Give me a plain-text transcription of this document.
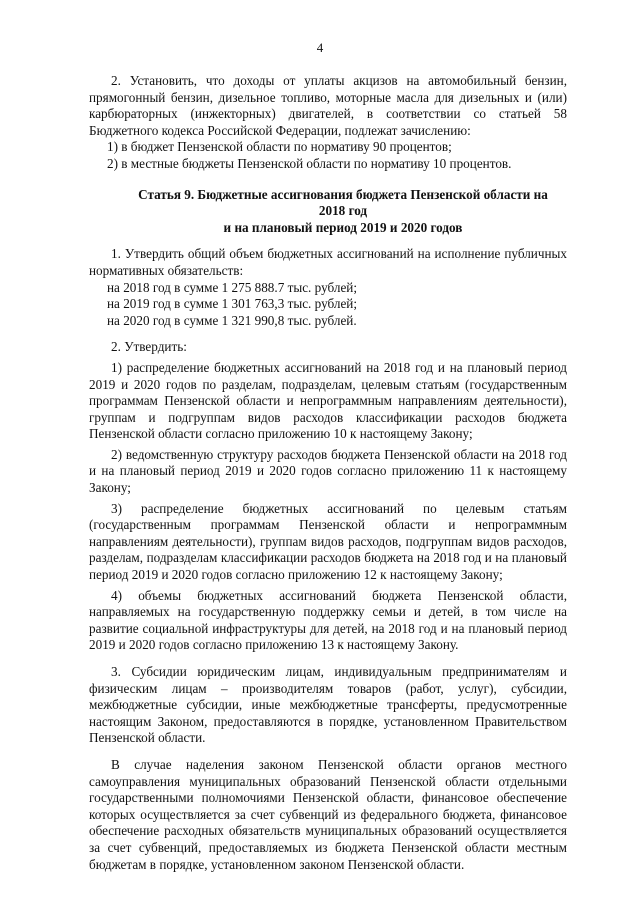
4

2. Установить, что доходы от уплаты акцизов на автомобильный бензин, прямогонный бензин, дизельное топливо, моторные масла для дизельных и (или) карбюраторных (инжекторных) двигателей, в соответствии со статьей 58 Бюджетного кодекса Российской Федерации, подлежат зачислению:

1) в бюджет Пензенской области по нормативу 90 процентов;

2) в местные бюджеты Пензенской области по нормативу 10 процентов.

Статья 9. Бюджетные ассигнования бюджета Пензенской области на 2018 год
и на плановый период 2019 и 2020 годов

1. Утвердить общий объем бюджетных ассигнований на исполнение публичных нормативных обязательств:

на 2018 год в сумме 1 275 888.7 тыс. рублей;

на 2019 год в сумме 1 301 763,3 тыс. рублей;

на 2020 год в сумме 1 321 990,8 тыс. рублей.

2. Утвердить:

1) распределение бюджетных ассигнований на 2018 год и на плановый период 2019 и 2020 годов по разделам, подразделам, целевым статьям (государственным программам Пензенской области и непрограммным направлениям деятельности), группам и подгруппам видов расходов классификации расходов бюджета Пензенской области согласно приложению 10 к настоящему Закону;

2) ведомственную структуру расходов бюджета Пензенской области на 2018 год и на плановый период 2019 и 2020 годов согласно приложению 11 к настоящему Закону;

3) распределение бюджетных ассигнований по целевым статьям (государственным программам Пензенской области и непрограммным направлениям деятельности), группам видов расходов, подгруппам видов расходов, разделам, подразделам классификации расходов бюджета на 2018 год и на плановый период 2019 и 2020 годов согласно приложению 12 к настоящему Закону;

4) объемы бюджетных ассигнований бюджета Пензенской области, направляемых на государственную поддержку семьи и детей, в том числе на развитие социальной инфраструктуры для детей, на 2018 год и на плановый период 2019 и 2020 годов согласно приложению 13 к настоящему Закону.

3. Субсидии юридическим лицам, индивидуальным предпринимателям и физическим лицам – производителям товаров (работ, услуг), субсидии, межбюджетные субсидии, иные межбюджетные трансферты, предусмотренные настоящим Законом, предоставляются в порядке, установленном Правительством Пензенской области.

В случае наделения законом Пензенской области органов местного самоуправления муниципальных образований Пензенской области отдельными государственными полномочиями Пензенской области, финансовое обеспечение которых осуществляется за счет субвенций из федерального бюджета, финансовое обеспечение расходных обязательств муниципальных образований осуществляется за счет субвенций, предоставляемых из бюджета Пензенской области местным бюджетам в порядке, установленном законом Пензенской области.
